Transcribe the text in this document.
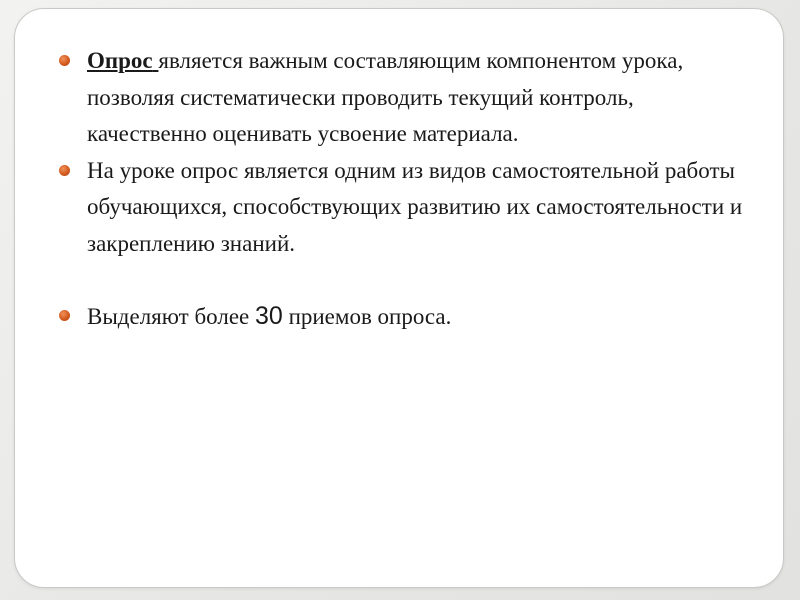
Опрос является важным составляющим компонентом урока, позволяя систематически проводить текущий контроль, качественно оценивать усвоение материала.
На уроке опрос является одним из видов самостоятельной работы обучающихся, способствующих развитию их самостоятельности и закреплению знаний.
Выделяют более 30 приемов опроса.
